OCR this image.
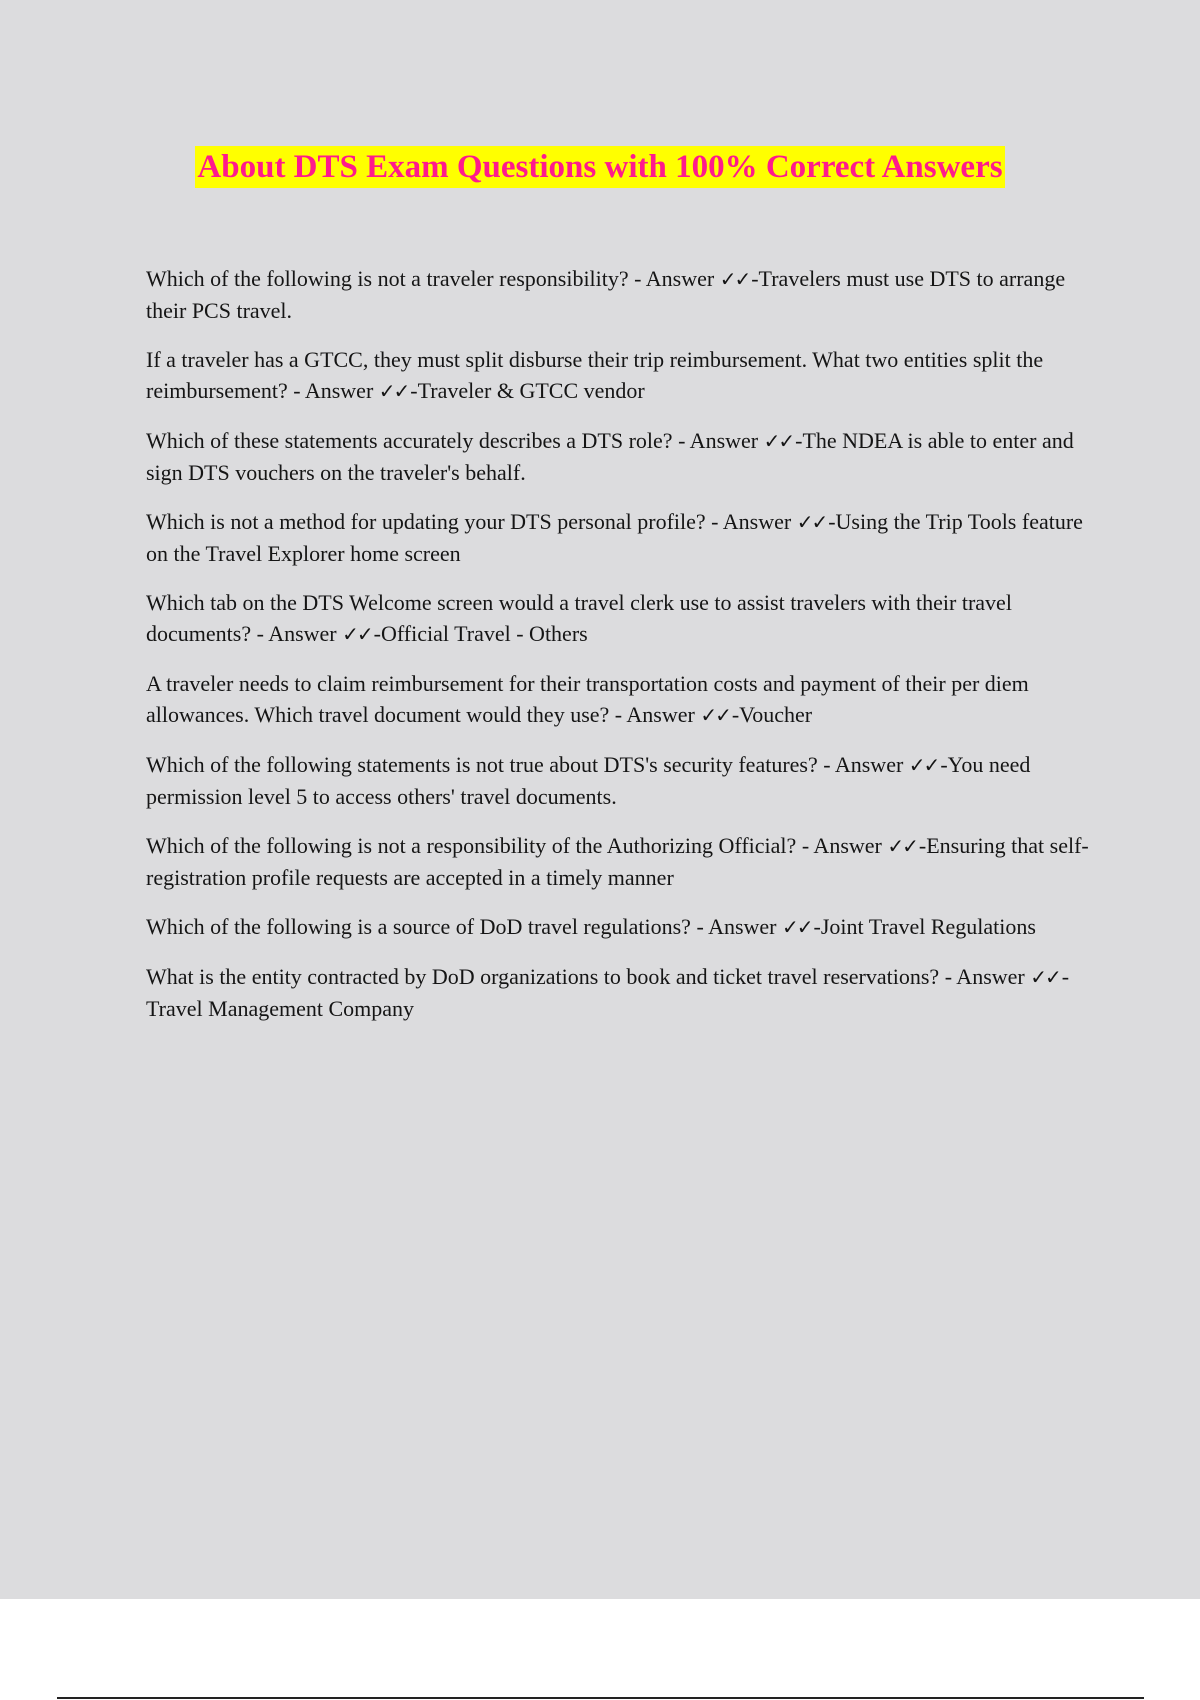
About DTS Exam Questions with 100% Correct Answers
Which of the following is not a traveler responsibility? - Answer ✓✓-Travelers must use DTS to arrange their PCS travel.
If a traveler has a GTCC, they must split disburse their trip reimbursement. What two entities split the reimbursement? - Answer ✓✓-Traveler & GTCC vendor
Which of these statements accurately describes a DTS role? - Answer ✓✓-The NDEA is able to enter and sign DTS vouchers on the traveler's behalf.
Which is not a method for updating your DTS personal profile? - Answer ✓✓-Using the Trip Tools feature on the Travel Explorer home screen
Which tab on the DTS Welcome screen would a travel clerk use to assist travelers with their travel documents? - Answer ✓✓-Official Travel - Others
A traveler needs to claim reimbursement for their transportation costs and payment of their per diem allowances. Which travel document would they use? - Answer ✓✓-Voucher
Which of the following statements is not true about DTS's security features? - Answer ✓✓-You need permission level 5 to access others' travel documents.
Which of the following is not a responsibility of the Authorizing Official? - Answer ✓✓-Ensuring that self-registration profile requests are accepted in a timely manner
Which of the following is a source of DoD travel regulations? - Answer ✓✓-Joint Travel Regulations
What is the entity contracted by DoD organizations to book and ticket travel reservations? - Answer ✓✓-Travel Management Company
